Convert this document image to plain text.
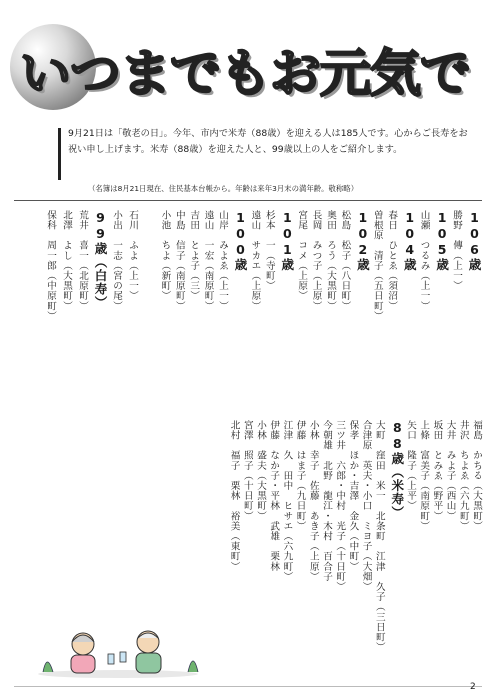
いつまでもお元気で
9月21日は「敬老の日」。今年、市内で米寿（88歳）を迎える人は185人です。心からご長寿をお祝い申し上げます。米寿（88歳）を迎えた人と、99歳以上の人をご紹介します。
（名簿は8月21日現在、住民基本台帳から。年齢は来年3月末の満年齢。敬称略）
106歳
勝野　傳（上一）
105歳
山瀬　つるみ（上一）
104歳
春日　ひとゑ（須沼）
曽根原　清子（五日町）
102歳
松島　松子（八日町）
奥田　ろう（大黒町）
長岡　みつ子（上原）
宮尾　コメ（上原）
101歳
杉本　一（寺町）
遠山　サカエ（上原）
100歳
山岸　みよゑ（上一）
遠山　一宏（南原町）
吉田　とよ子（三）
中島　信子（南原町）
小池　ちよ（新町）
石川　ふよ（上一）
小出　一志（宮の尾）
99歳（白寿）
荒井　喜一（北原町）
北澤　よし（大黒町）
保科　周一郎（中原町）
福島　かちる（大黒町）
井沢　ちよゑ（六九町）
大井　みよ子（西山）
坂田　とみゑ（野平）
上條　富美子（南原町）
矢口　隆子（上平）
88歳（米寿）
大町　窪田　米一　北条町　江津　久子（三日町）
合津原　英夫・小口　ミヨ子（大畑）
保孝　ほか・吉澤　金久（中町）
三ツ井　六郎・中村　光子（十日町）
今朝雄　北野　龍江・木村　百合子
小林　幸子　佐藤　あき子（上原）
伊藤　はま子（九日町）
江津　久　田中　ヒサエ（六九町）
伊藤　なか子・平林　武雄　栗林
小林　盛夫（大黒町）
宮澤　照子（十日町）
北村　福子　栗林　裕美（東町）
2
